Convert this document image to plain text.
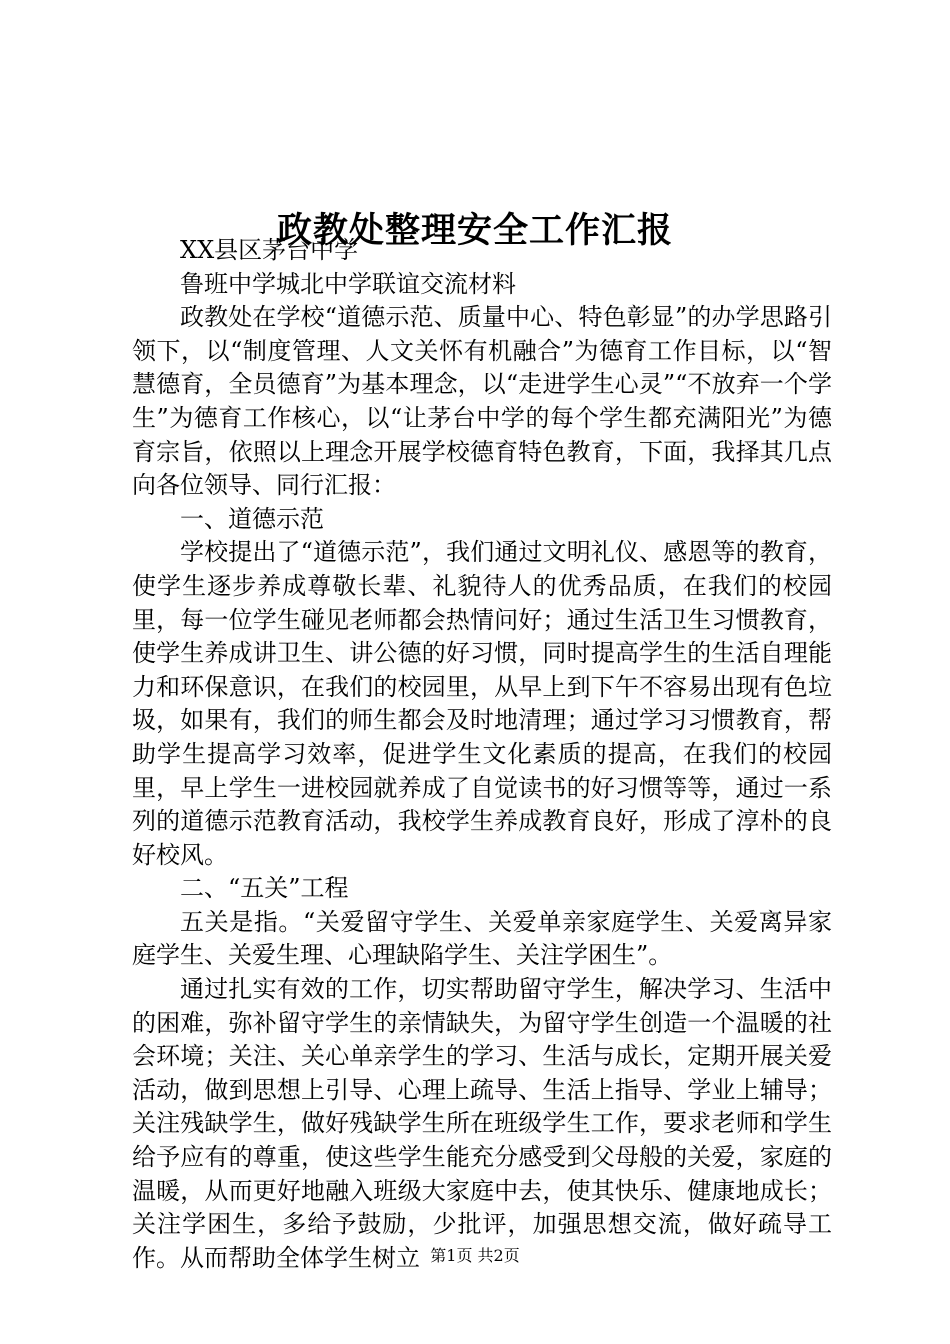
政教处整理安全工作汇报

XX县区茅台中学

鲁班中学城北中学联谊交流材料

政教处在学校“道德示范、质量中心、特色彰显”的办学思路引领下，以“制度管理、人文关怀有机融合”为德育工作目标，以“智慧德育，全员德育”为基本理念，以“走进学生心灵”“不放弃一个学生”为德育工作核心，以“让茅台中学的每个学生都充满阳光”为德育宗旨，依照以上理念开展学校德育特色教育，下面，我择其几点向各位领导、同行汇报：

一、道德示范

学校提出了“道德示范”，我们通过文明礼仪、感恩等的教育，使学生逐步养成尊敬长辈、礼貌待人的优秀品质，在我们的校园里，每一位学生碰见老师都会热情问好；通过生活卫生习惯教育，使学生养成讲卫生、讲公德的好习惯，同时提高学生的生活自理能力和环保意识，在我们的校园里，从早上到下午不容易出现有色垃圾，如果有，我们的师生都会及时地清理；通过学习习惯教育，帮助学生提高学习效率，促进学生文化素质的提高，在我们的校园里，早上学生一进校园就养成了自觉读书的好习惯等等，通过一系列的道德示范教育活动，我校学生养成教育良好，形成了淳朴的良好校风。

二、“五关”工程

五关是指。“关爱留守学生、关爱单亲家庭学生、关爱离异家庭学生、关爱生理、心理缺陷学生、关注学困生”。

通过扎实有效的工作，切实帮助留守学生，解决学习、生活中的困难，弥补留守学生的亲情缺失，为留守学生创造一个温暖的社会环境；关注、关心单亲学生的学习、生活与成长，定期开展关爱活动，做到思想上引导、心理上疏导、生活上指导、学业上辅导；关注残缺学生，做好残缺学生所在班级学生工作，要求老师和学生给予应有的尊重，使这些学生能充分感受到父母般的关爱，家庭的温暖，从而更好地融入班级大家庭中去，使其快乐、健康地成长；关注学困生，多给予鼓励，少批评，加强思想交流，做好疏导工作。从而帮助全体学生树立 第1页 共2页
